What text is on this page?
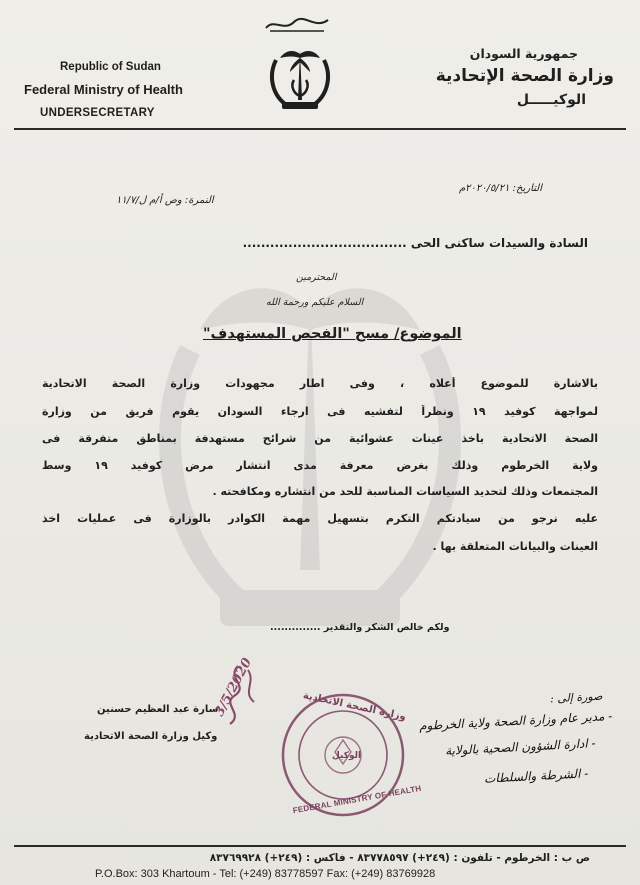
Republic of Sudan
Federal Ministry of Health
UNDERSECRETARY
جمهورية السودان
وزارة الصحة الإتحادية
الوكيـــــل
التاريخ: ٢٠٢٠/٥/٢١م
النمرة: وص أ/م ل/١١/٧
السادة والسيدات ساكنى الحى ....................................
المحترمين
السلام عليكم ورحمة الله
الموضوع/ مسح "الفحص المستهدف"
بالاشارة للموضوع أعلاه ، وفى اطار مجهودات وزارة الصحة الاتحادية
لمواجهة كوفيد ١٩ ونظراً لتفشيه فى ارجاء السودان يقوم فريق من وزارة
الصحة الاتحادية باخذ عينات عشوائية من شرائح مستهدفة بمناطق متفرقة فى
ولاية الخرطوم وذلك بغرض معرفة مدى انتشار مرض كوفيد ١٩ وسط
المجتمعات وذلك لتحديد السياسات المناسبة للحد من انتشاره ومكافحته .
عليه نرجو من سيادتكم التكرم بتسهيل مهمة الكوادر بالوزارة فى عمليات اخذ
العينات والبيانات المتعلقة بها .
ولكم خالص الشكر والتقدير ..............
سارة عبد العظيم حسنين
وكيل وزارة الصحة الاتحادية
3/5/2020	وزارة الصحة الاتحادية
FEDERAL MINISTRY OF HEALTH
الوكيل
صورة إلى :
- مدير عام وزارة الصحة ولاية الخرطوم
- ادارة الشؤون الصحية بالولاية
- الشرطة والسلطات
ص ب : الخرطوم - تلفون : (٢٤٩+) ٨٣٧٧٨٥٩٧ - فاكس : (٢٤٩+) ٨٣٧٦٩٩٢٨
P.O.Box: 303 Khartoum - Tel: (+249) 83778597 Fax: (+249) 83769928
